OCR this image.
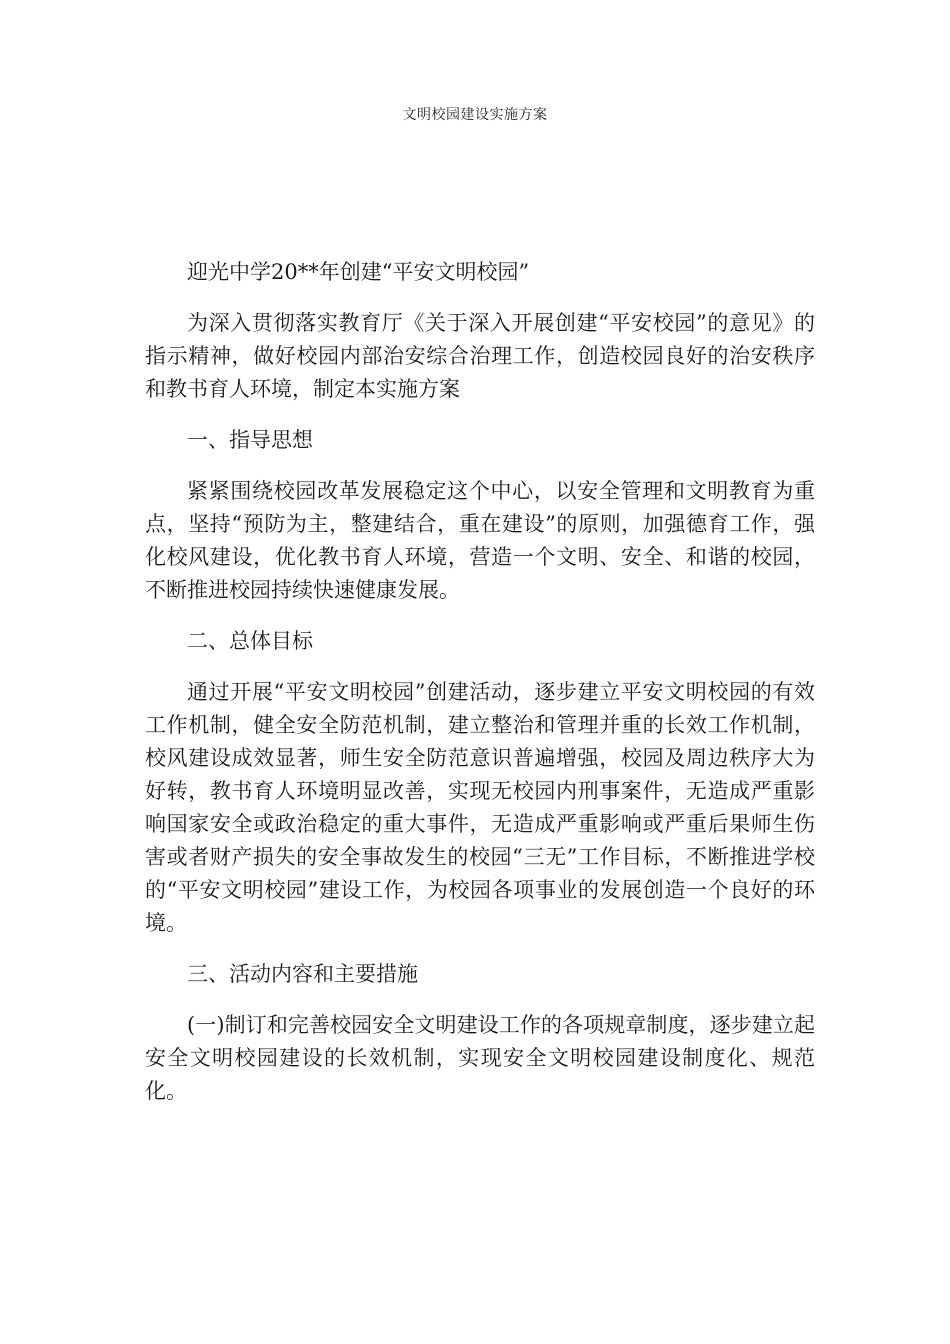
文明校园建设实施方案

迎光中学20**年创建“平安文明校园”

为深入贯彻落实教育厅《关于深入开展创建“平安校园”的意见》的指示精神，做好校园内部治安综合治理工作，创造校园良好的治安秩序和教书育人环境，制定本实施方案

一、指导思想

紧紧围绕校园改革发展稳定这个中心，以安全管理和文明教育为重点，坚持“预防为主，整建结合，重在建设”的原则，加强德育工作，强化校风建设，优化教书育人环境，营造一个文明、安全、和谐的校园，不断推进校园持续快速健康发展。

二、总体目标

通过开展“平安文明校园”创建活动，逐步建立平安文明校园的有效工作机制，健全安全防范机制，建立整治和管理并重的长效工作机制，校风建设成效显著，师生安全防范意识普遍增强，校园及周边秩序大为好转，教书育人环境明显改善，实现无校园内刑事案件，无造成严重影响国家安全或政治稳定的重大事件，无造成严重影响或严重后果师生伤害或者财产损失的安全事故发生的校园“三无”工作目标，不断推进学校的“平安文明校园”建设工作，为校园各项事业的发展创造一个良好的环境。

三、活动内容和主要措施

(一)制订和完善校园安全文明建设工作的各项规章制度，逐步建立起安全文明校园建设的长效机制，实现安全文明校园建设制度化、规范化。
